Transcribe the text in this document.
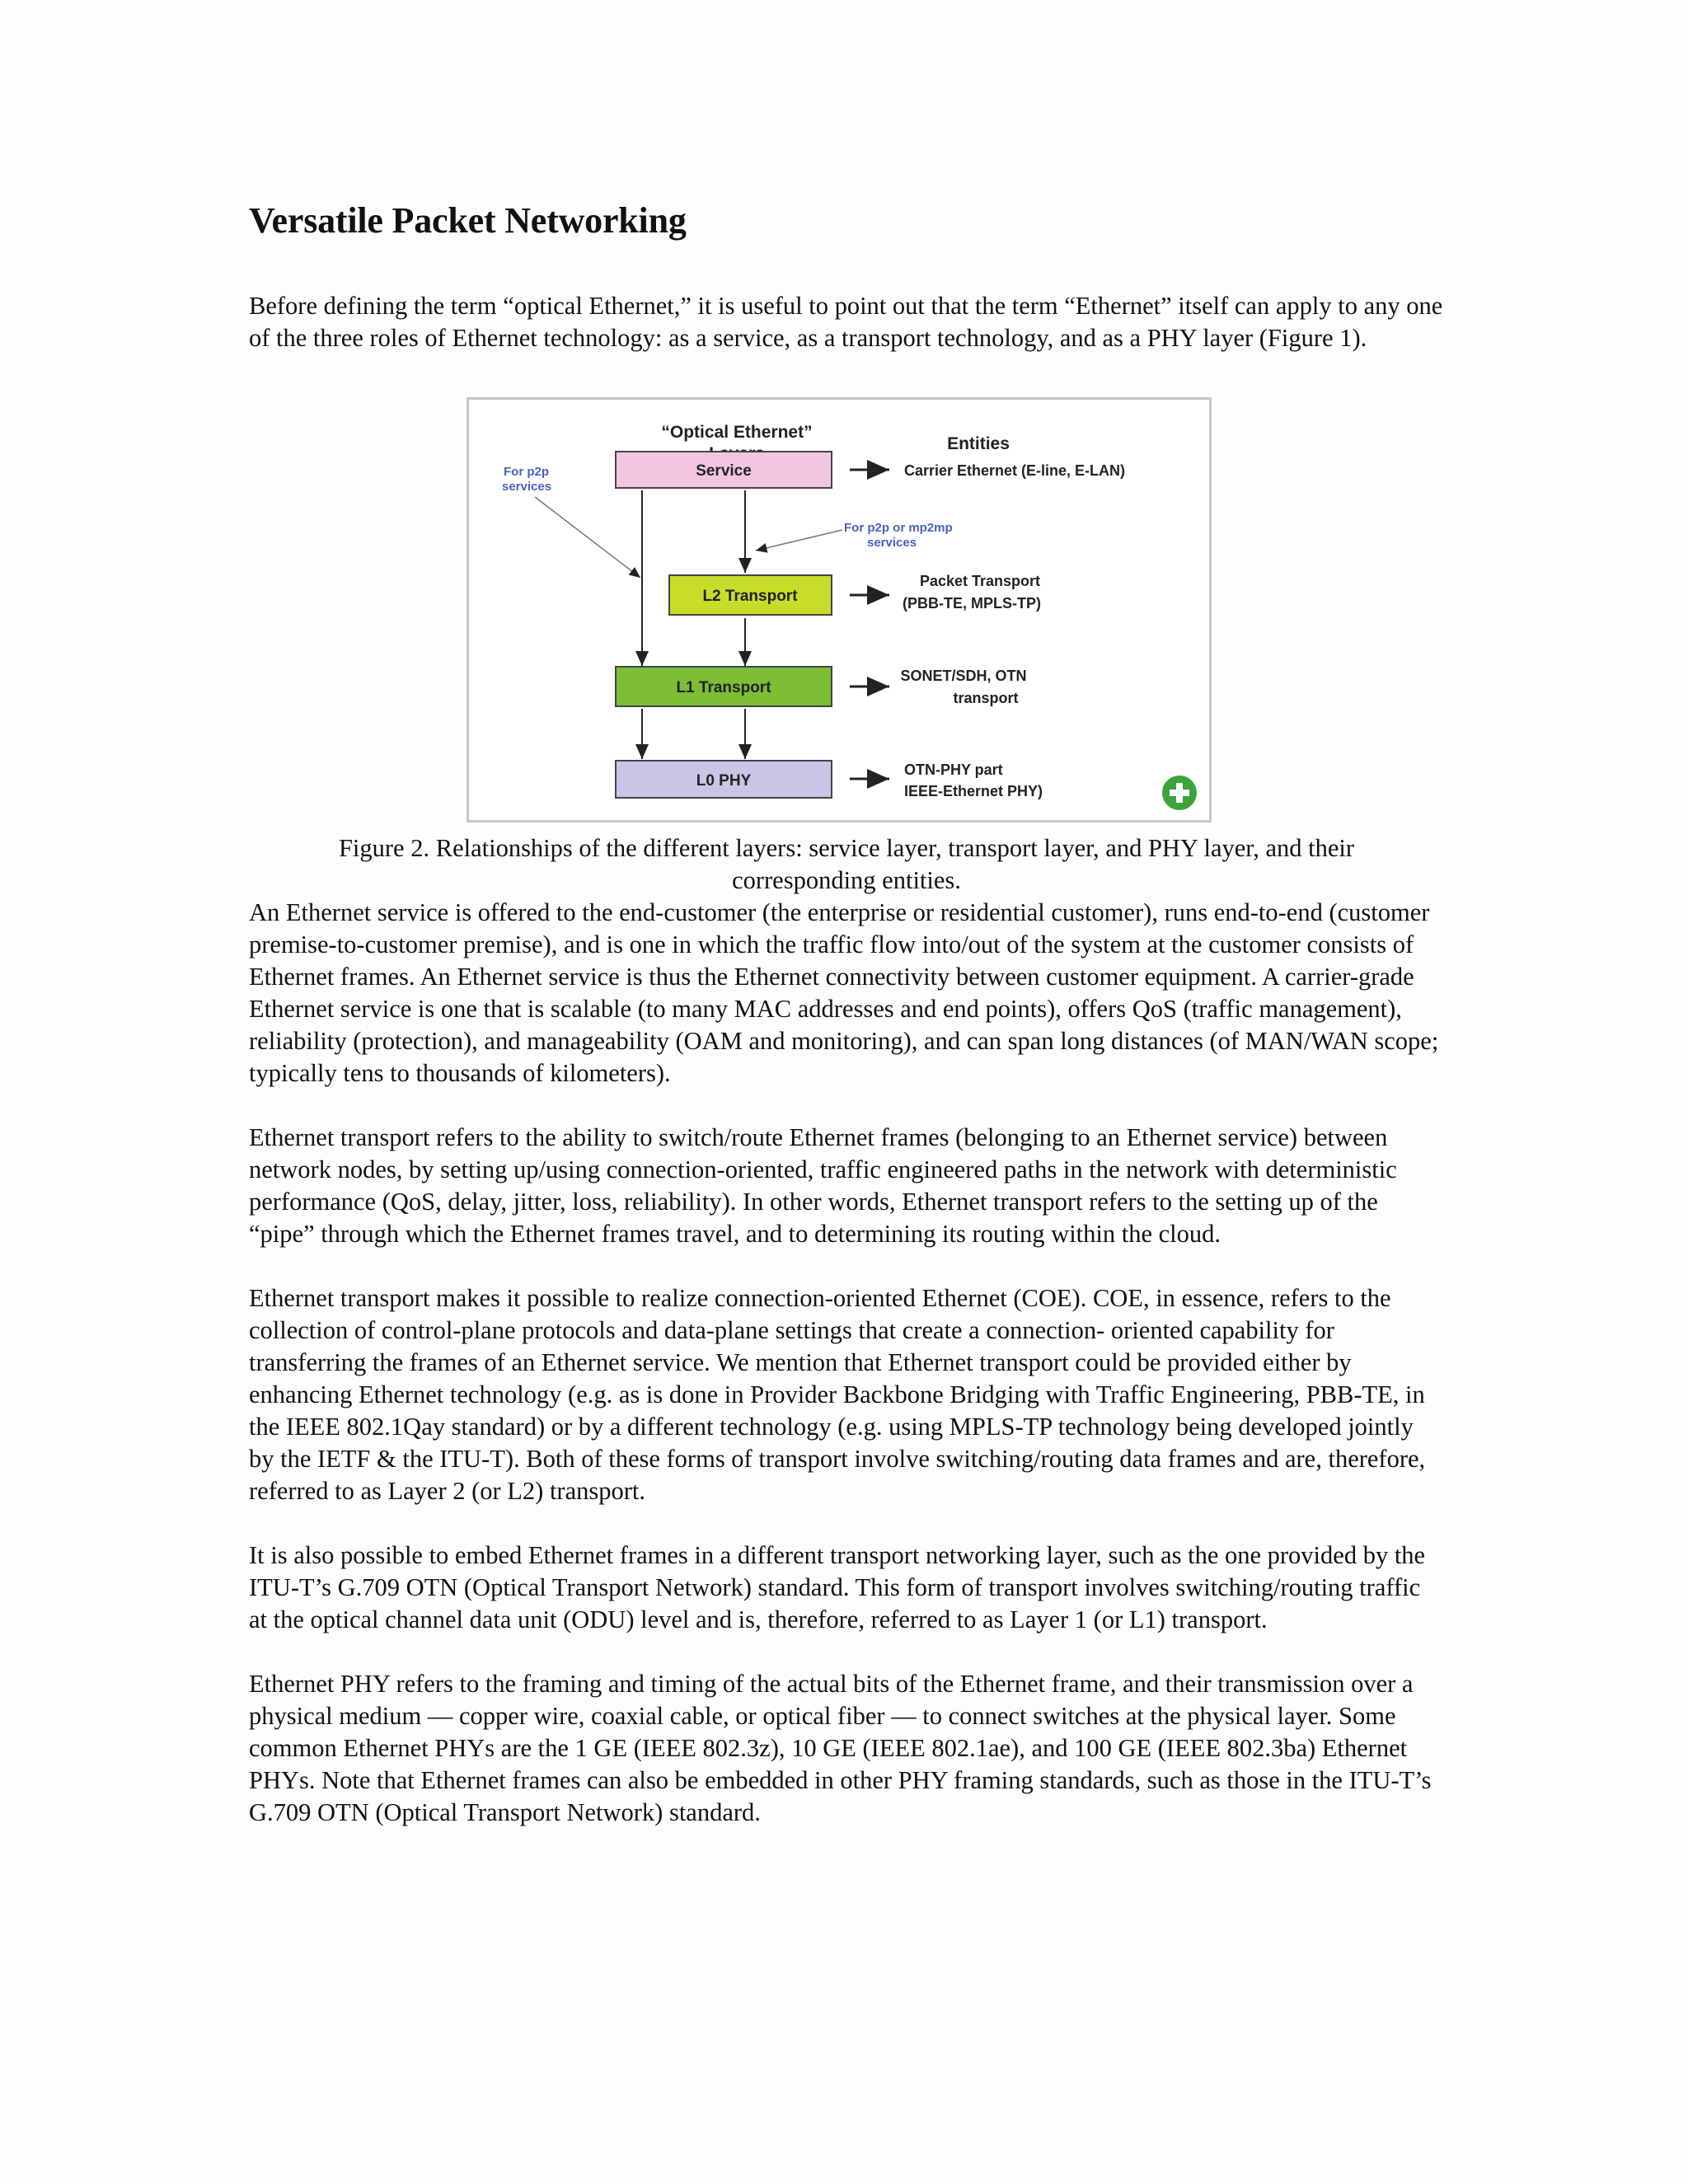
Versatile Packet Networking

Before defining the term “optical Ethernet,” it is useful to point out that the term “Ethernet” itself can apply to any one of the three roles of Ethernet technology: as a service, as a transport technology, and as a PHY layer (Figure 1).

“Optical Ethernet”
Entities
For p2p
services
For p2p or mp2mp
services
Service
L2 Transport
L1 Transport
L0 PHY
Carrier Ethernet (E-line, E-LAN)
Packet Transport
(PBB-TE, MPLS-TP)
SONET/SDH, OTN
transport
OTN-PHY part
IEEE-Ethernet PHY)

Figure 2. Relationships of the different layers: service layer, transport layer, and PHY layer, and their corresponding entities.

An Ethernet service is offered to the end-customer (the enterprise or residential customer), runs end-to-end (customer premise-to-customer premise), and is one in which the traffic flow into/out of the system at the customer consists of Ethernet frames. An Ethernet service is thus the Ethernet connectivity between customer equipment. A carrier-grade Ethernet service is one that is scalable (to many MAC addresses and end points), offers QoS (traffic management), reliability (protection), and manageability (OAM and monitoring), and can span long distances (of MAN/WAN scope; typically tens to thousands of kilometers).

Ethernet transport refers to the ability to switch/route Ethernet frames (belonging to an Ethernet service) between network nodes, by setting up/using connection-oriented, traffic engineered paths in the network with deterministic performance (QoS, delay, jitter, loss, reliability). In other words, Ethernet transport refers to the setting up of the “pipe” through which the Ethernet frames travel, and to determining its routing within the cloud.

Ethernet transport makes it possible to realize connection-oriented Ethernet (COE). COE, in essence, refers to the collection of control-plane protocols and data-plane settings that create a connection- oriented capability for transferring the frames of an Ethernet service. We mention that Ethernet transport could be provided either by enhancing Ethernet technology (e.g. as is done in Provider Backbone Bridging with Traffic Engineering, PBB-TE, in the IEEE 802.1Qay standard) or by a different technology (e.g. using MPLS-TP technology being developed jointly by the IETF & the ITU-T). Both of these forms of transport involve switching/routing data frames and are, therefore, referred to as Layer 2 (or L2) transport.

It is also possible to embed Ethernet frames in a different transport networking layer, such as the one provided by the ITU-T’s G.709 OTN (Optical Transport Network) standard. This form of transport involves switching/routing traffic at the optical channel data unit (ODU) level and is, therefore, referred to as Layer 1 (or L1) transport.

Ethernet PHY refers to the framing and timing of the actual bits of the Ethernet frame, and their transmission over a physical medium — copper wire, coaxial cable, or optical fiber — to connect switches at the physical layer. Some common Ethernet PHYs are the 1 GE (IEEE 802.3z), 10 GE (IEEE 802.1ae), and 100 GE (IEEE 802.3ba) Ethernet PHYs. Note that Ethernet frames can also be embedded in other PHY framing standards, such as those in the ITU-T’s G.709 OTN (Optical Transport Network) standard.
